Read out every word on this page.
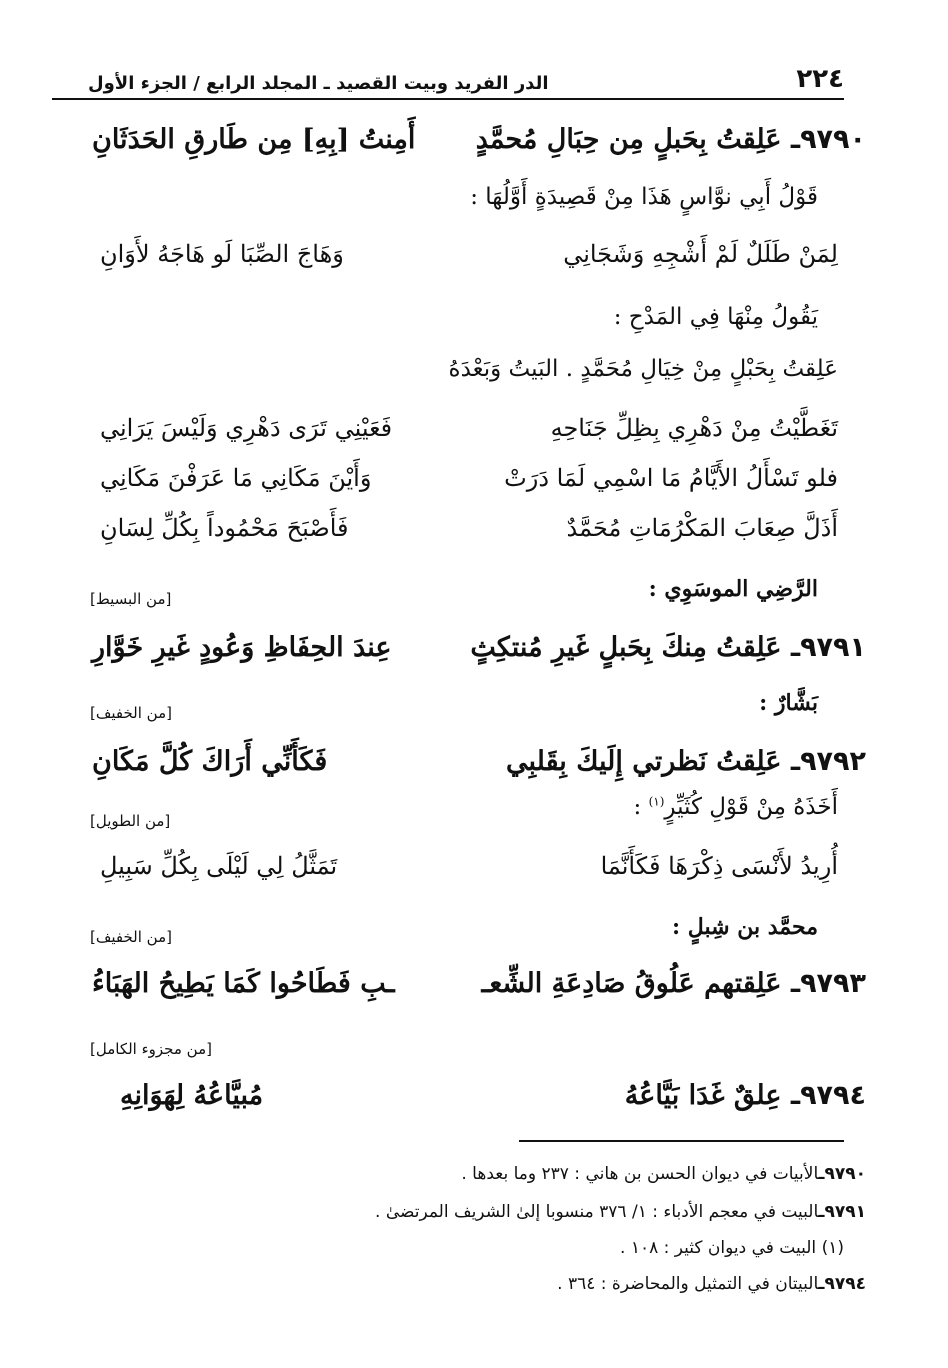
٢٢٤
الدر الفريد وبيت القصيد ـ المجلد الرابع / الجزء الأول
٩٧٩٠ـ عَلِقتُ بِحَبلٍ مِن حِبَالِ مُحمَّدٍ
أَمِنتُ [بِهِ] مِن طَارقِ الحَدَثَانِ
قَوْلُ أَبِي نوَّاسٍ هَذَا مِنْ قَصِيدَةٍ أَوَّلُهَا :
لِمَنْ طَلَلٌ لَمْ أَشْجِهِ وَشَجَانِي
وَهَاجَ الصِّبَا لَو هَاجَهُ لأَوَانِ
يَقُولُ مِنْهَا فِي المَدْحِ :
عَلِقتُ بِحَبْلٍ مِنْ خِيَالِ مُحَمَّدٍ . البَيتُ وَبَعْدَهُ
تَغَطَّيْتُ مِنْ دَهْرِي بِظِلِّ جَنَاحِهِ
فَعَيْنِي تَرَى دَهْرِي وَلَيْسَ يَرَانِي
فلو تَسْأَلُ الأَيَّامُ مَا اسْمِي لَمَا دَرَتْ
وَأَيْنَ مَكَانِي مَا عَرَفْنَ مَكَانِي
أَذَلَّ صِعَابَ المَكْرُمَاتِ مُحَمَّدٌ
فَأَصْبَحَ مَحْمُوداً بِكُلِّ لِسَانِ
الرَّضِي الموسَوِي :
[من البسيط]
٩٧٩١ـ عَلِقتُ مِنكَ بِحَبلٍ غَيرِ مُنتكِثٍ
عِندَ الحِفَاظِ وَعُودٍ غَيرِ خَوَّارِ
بَشَّارٌ :
[من الخفيف]
٩٧٩٢ـ عَلِقتُ نَظرتي إِلَيكَ بِقَلبِي
فَكَأَنِّي أَرَاكَ كُلَّ مَكَانِ
أَخَذَهُ مِنْ قَوْلِ كُثَيِّرٍ$^{(١)}$ :
[من الطويل]
أُرِيدُ لأَنْسَى ذِكْرَهَا فَكَأَنَّمَا
تَمَثَّلُ لِي لَيْلَى بِكُلِّ سَبِيلِ
محمَّد بن شِبلٍ :
[من الخفيف]
٩٧٩٣ـ عَلِقتهم عَلُوقُ صَادِعَةِ الشِّعـ
ـبِ فَطَاحُوا كَمَا يَطِيحُ الهَبَاءُ
[من مجزوء الكامل]
٩٧٩٤ـ عِلقٌ غَدَا بَيَّاعُهُ
مُبيَّاعُهُ لِهَوَانِهِ
٩٧٩٠ـالأبيات في ديوان الحسن بن هاني : ٢٣٧ وما بعدها .
٩٧٩١ـالبيت في معجم الأدباء : ١/ ٣٧٦ منسوبا إلىٰ الشريف المرتضىٰ .
(١) البيت في ديوان كثير : ١٠٨ .
٩٧٩٤ـالبيتان في التمثيل والمحاضرة : ٣٦٤ .
